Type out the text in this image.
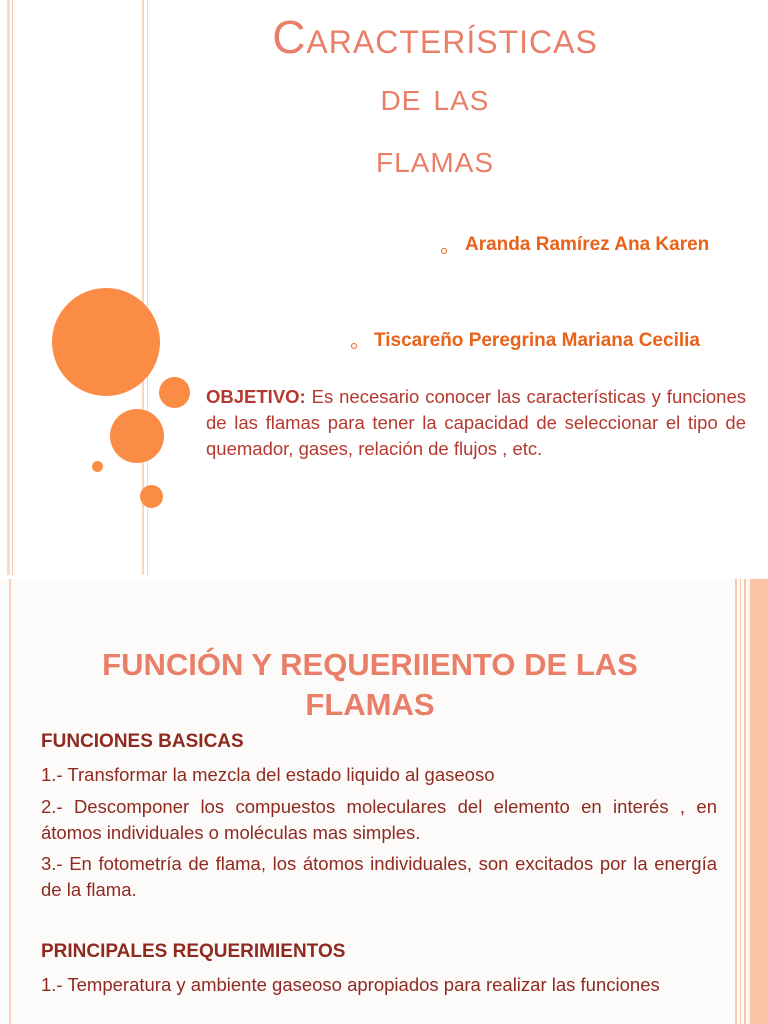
Características
de las
flamas
Aranda Ramírez Ana Karen
Tiscareño Peregrina Mariana Cecilia
OBJETIVO: Es necesario conocer las características y funciones de las flamas para tener la capacidad de seleccionar el tipo de quemador, gases, relación de flujos , etc.
FUNCIÓN Y REQUERIIENTO DE LAS FLAMAS
FUNCIONES BASICAS
1.- Transformar la mezcla del estado liquido al gaseoso
2.- Descomponer los compuestos moleculares del elemento en interés , en átomos individuales o moléculas mas simples.
3.- En fotometría de flama, los átomos individuales, son excitados por la energía de la flama.
PRINCIPALES REQUERIMIENTOS
1.- Temperatura y ambiente gaseoso apropiados para realizar las funciones
